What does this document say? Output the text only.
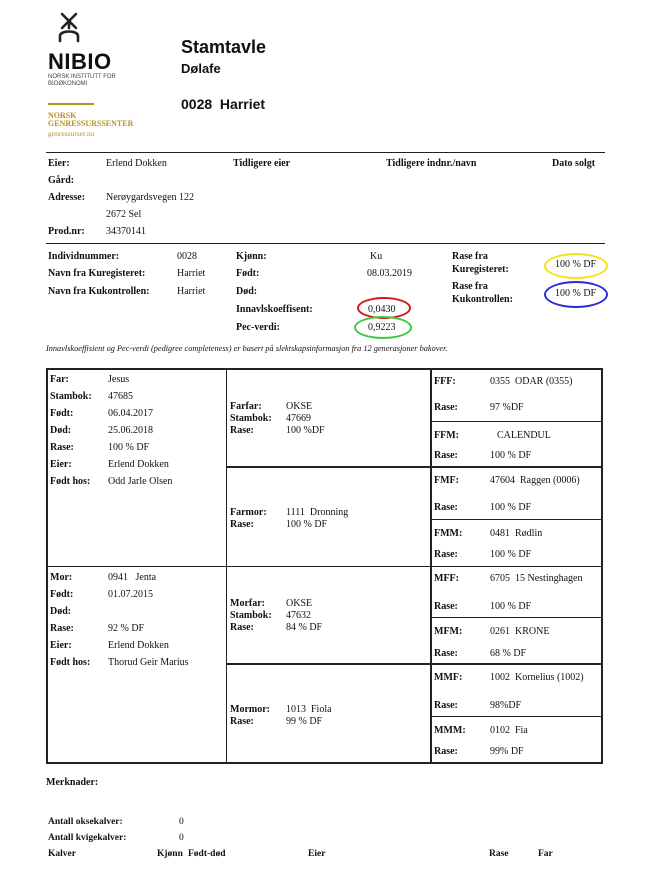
NIBIO
NORSK INSTITUTT FOR
BIOØKONOMI
NORSK
GENRESSURSSENTER
genressurser.no
Stamtavle
Dølafe
0028  Harriet
Eier:	Erlend Dokken	Tidligere eier	Tidligere indnr./navn	Dato solgt
Gård:
Adresse: Nerøygardsvegen 122
2672 Sel
Prod.nr: 34370141
Individnummer:	0028
Navn fra Kuregisteret:	Harriet
Navn fra Kukontrollen:	Harriet
Kjønn:	Ku
Født:	08.03.2019
Død:
Innavlskoeffisent:	0,0430
Pec-verdi:	0,9223
Rase fra
Kuregisteret:	100 % DF
Rase fra
Kukontrollen:
100 % DF
Innavlskoeffisient og Pec-verdi (pedigree completeness) er basert på slektskapsinformasjon fra 12 generasjoner bakover.
Far:	Jesus
Stambok: 47685
Født:	06.04.2017
Død:	25.06.2018
Rase:	100 % DF
Eier:	Erlend Dokken
Født hos: Odd Jarle Olsen
Mor:	0941   Jenta
Født:	01.07.2015
Død:
Rase:	92 % DF
Eier:	Erlend Dokken
Født hos: Thorud Geir Marius
Farfar: OKSE
Stambok: 47669
Rase:	100 %DF
Farmor: 1111  Dronning
Rase:	100 % DF
Morfar: OKSE
Stambok: 47632
Rase:	84 % DF
Mormor: 1013  Fiola
Rase:	99 % DF
FFF:	0355  ODAR (0355)
Rase:	97 %DF
FFM:	CALENDUL
Rase:	100 % DF
FMF:	47604  Raggen (0006)
Rase:	100 % DF
FMM:	0481  Rødlin
Rase:	100 % DF
MFF:	6705  15 Nestinghagen
Rase:	100 % DF
MFM:	0261  KRONE
Rase:	68 % DF
MMF:	1002  Kornelius (1002)
Rase:	98%DF
MMM: 0102  Fia
Rase:	99% DF
Merknader:
Antall oksekalver:	0
Antall kvigekalver:	0
Kalver	Kjønn Født-død	Eier	Rase	Far
